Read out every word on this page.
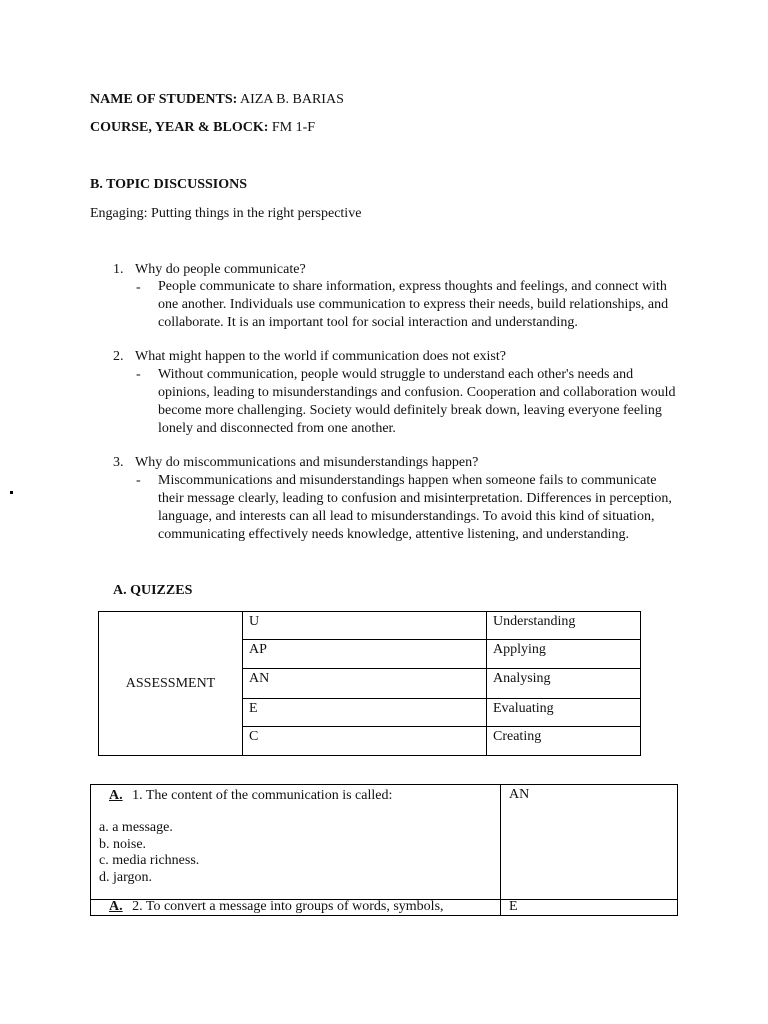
NAME OF STUDENTS: AIZA B. BARIAS
COURSE, YEAR & BLOCK: FM 1-F
B. TOPIC DISCUSSIONS
Engaging: Putting things in the right perspective
1. Why do people communicate?
- People communicate to share information, express thoughts and feelings, and connect with one another. Individuals use communication to express their needs, build relationships, and collaborate. It is an important tool for social interaction and understanding.
2. What might happen to the world if communication does not exist?
- Without communication, people would struggle to understand each other's needs and opinions, leading to misunderstandings and confusion. Cooperation and collaboration would become more challenging. Society would definitely break down, leaving everyone feeling lonely and disconnected from one another.
3. Why do miscommunications and misunderstandings happen?
- Miscommunications and misunderstandings happen when someone fails to communicate their message clearly, leading to confusion and misinterpretation. Differences in perception, language, and interests can all lead to misunderstandings. To avoid this kind of situation, communicating effectively needs knowledge, attentive listening, and understanding.
A. QUIZZES
ASSESSMENT	U	Understanding
	AP	Applying
	AN	Analysing
	E	Evaluating
	C	Creating
A. 1. The content of the communication is called:
a. a message.
b. noise.
c. media richness.
d. jargon.	AN
A. 2. To convert a message into groups of words, symbols,	E
